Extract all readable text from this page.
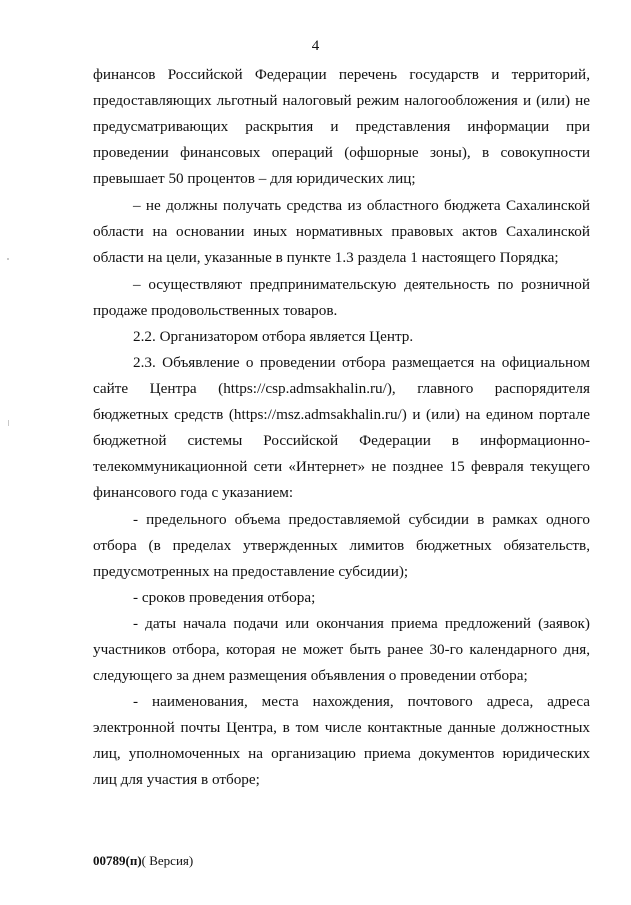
4

финансов Российской Федерации перечень государств и территорий, предоставляющих льготный налоговый режим налогообложения и (или) не предусматривающих раскрытия и представления информации при проведении финансовых операций (офшорные зоны), в совокупности превышает 50 процентов – для юридических лиц;

– не должны получать средства из областного бюджета Сахалинской области на основании иных нормативных правовых актов Сахалинской области на цели, указанные в пункте 1.3 раздела 1 настоящего Порядка;

– осуществляют предпринимательскую деятельность по розничной продаже продовольственных товаров.

2.2. Организатором отбора является Центр.

2.3. Объявление о проведении отбора размещается на официальном сайте Центра (https://csp.admsakhalin.ru/), главного распорядителя бюджетных средств (https://msz.admsakhalin.ru/) и (или) на едином портале бюджетной системы Российской Федерации в информационно-телекоммуникационной сети «Интернет» не позднее 15 февраля текущего финансового года с указанием:

- предельного объема предоставляемой субсидии в рамках одного отбора (в пределах утвержденных лимитов бюджетных обязательств, предусмотренных на предоставление субсидии);

- сроков проведения отбора;

- даты начала подачи или окончания приема предложений (заявок) участников отбора, которая не может быть ранее 30-го календарного дня, следующего за днем размещения объявления о проведении отбора;

- наименования, места нахождения, почтового адреса, адреса электронной почты Центра, в том числе контактные данные должностных лиц, уполномоченных на организацию приема документов юридических лиц для участия в отборе;

00789(п)( Версия)
